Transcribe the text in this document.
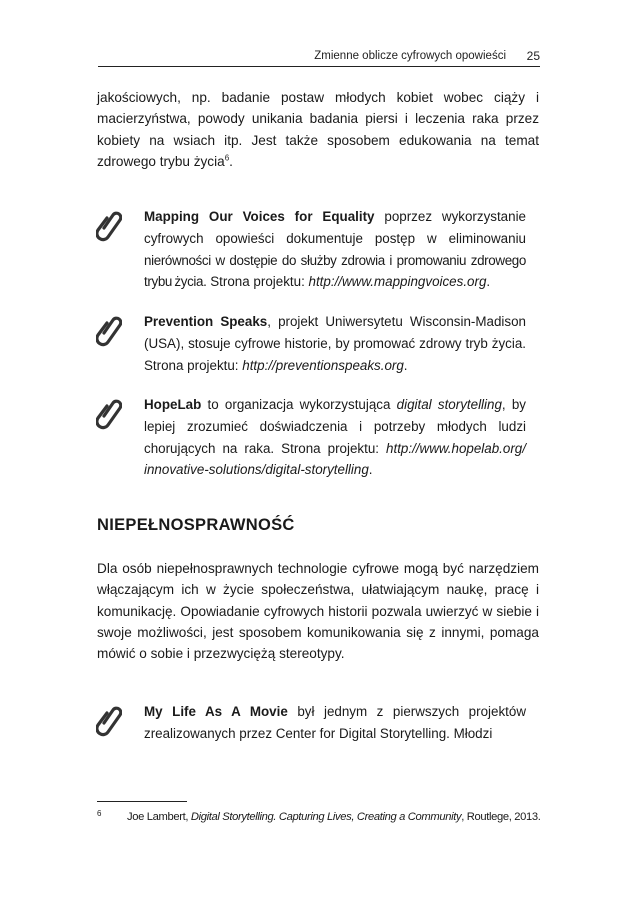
Zmienne oblicze cyfrowych opowieści 25

jakościowych, np. badanie postaw młodych kobiet wobec ciąży i macierzyństwa, powody unikania badania piersi i leczenia raka przez kobiety na wsiach itp. Jest także sposobem edukowania na temat zdrowego trybu życia$^6$.

Mapping Our Voices for Equality poprzez wykorzystanie cyfrowych opowieści dokumentuje postęp w eliminowaniu nierówności w dostępie do służby zdrowia i promowaniu zdrowego trybu życia. Strona projektu: http://www.mappingvoices.org.
Prevention Speaks, projekt Uniwersytetu Wisconsin-Madison (USA), stosuje cyfrowe historie, by promować zdrowy tryb życia. Strona projektu: http://preventionspeaks.org.
HopeLab to organizacja wykorzystująca digital storytelling, by lepiej zrozumieć doświadczenia i potrzeby młodych ludzi chorujących na raka. Strona projektu: http://www.hopelab.org/ innovative-solutions/digital-storytelling.
NIEPEŁNOSPRAWNOŚĆ

Dla osób niepełnosprawnych technologie cyfrowe mogą być narzędziem włączającym ich w życie społeczeństwa, ułatwiającym naukę, pracę i komunikację. Opowiadanie cyfrowych historii pozwala uwierzyć w siebie i swoje możliwości, jest sposobem komunikowania się z innymi, pomaga mówić o sobie i przezwyciężą stereotypy.

My Life As A Movie był jednym z pierwszych projektów zrealizowanych przez Center for Digital Storytelling. Młodzi
6 Joe Lambert, Digital Storytelling. Capturing Lives, Creating a Community, Routlege, 2013.
